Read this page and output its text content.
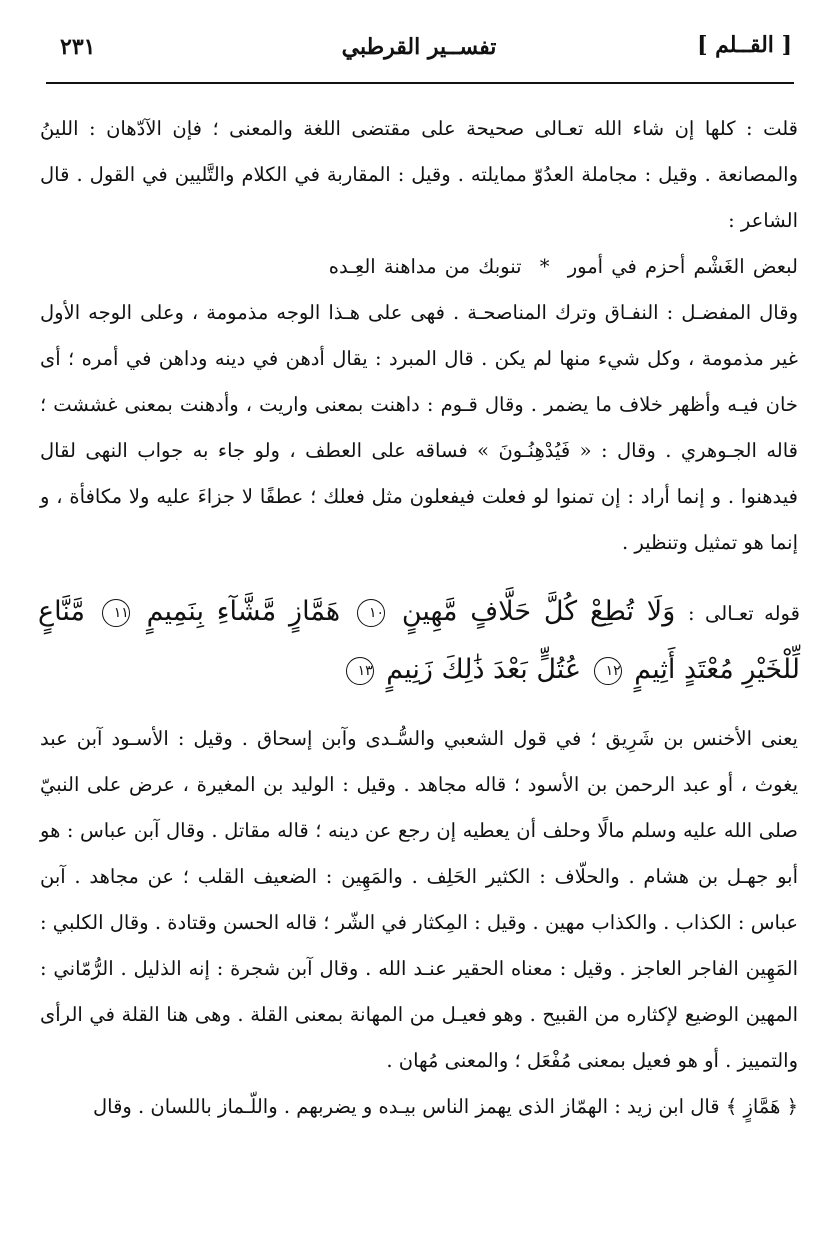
[ القــلم ]
تفســير القرطبي
٢٣١

قلت : كلها إن شاء الله تعـالى صحيحة على مقتضى اللغة والمعنى ؛ فإن الآدّهان : اللينُ والمصانعة . وقيل : مجاملة العدُوّ ممايلته . وقيل : المقاربة في الكلام والتَّليين في القول . قال الشاعر :

لبعض الغَشْم أحزم في أمور * تنوبك من مداهنة العِـده

وقال المفضـل : النفـاق وترك المناصحـة . فهى على هـذا الوجه مذمومة ، وعلى الوجه الأول غير مذمومة ، وكل شيء منها لم يكن . قال المبرد : يقال أدهن في دينه وداهن في أمره ؛ أى خان فيـه وأظهر خلاف ما يضمر . وقال قـوم : داهنت بمعنى واريت ، وأدهنت بمعنى غششت ؛ قاله الجـوهري . وقال : « فَيُدْهِنُـونَ » فساقه على العطف ، ولو جاء به جواب النهى لقال فيدهنوا . و إنما أراد : إن تمنوا لو فعلت فيفعلون مثل فعلك ؛ عطفًا لا جزاءَ عليه ولا مكافأة ، و إنما هو تمثيل وتنظير .

قوله تعـالى : وَلَا تُطِعْ كُلَّ حَلَّافٍ مَّهِينٍ ١٠ هَمَّازٍ مَّشَّآءِ بِنَمِيمٍ ١١ مَّنَّاعٍ لِّلْخَيْرِ مُعْتَدٍ أَثِيمٍ ١٢ عُتُلٍّ بَعْدَ ذَٰلِكَ زَنِيمٍ ١٣

يعنى الأخنس بن شَرِيق ؛ في قول الشعبي والسُّـدى وآبن إسحاق . وقيل : الأسـود آبن عبد يغوث ، أو عبد الرحمن بن الأسود ؛ قاله مجاهد . وقيل : الوليد بن المغيرة ، عرض على النبيّ صلى الله عليه وسلم مالًا وحلف أن يعطيه إن رجع عن دينه ؛ قاله مقاتل . وقال آبن عباس : هو أبو جهـل بن هشام . والحلّاف : الكثير الحَلِف . والمَهِين : الضعيف القلب ؛ عن مجاهد . آبن عباس : الكذاب . والكذاب مهين . وقيل : المِكثار في الشّر ؛ قاله الحسن وقتادة . وقال الكلبي : المَهِين الفاجر العاجز . وقيل : معناه الحقير عنـد الله . وقال آبن شجرة : إنه الذليل . الرُّمّاني : المهين الوضيع لإكثاره من القبيح . وهو فعيـل من المهانة بمعنى القلة . وهى هنا القلة في الرأى والتمييز . أو هو فعيل بمعنى مُفْعَل ؛ والمعنى مُهان .

﴿ هَمَّازٍ ﴾ قال ابن زيد : الهمّاز الذى يهمز الناس بيـده و يضربهم . واللّـماز باللسان . وقال
